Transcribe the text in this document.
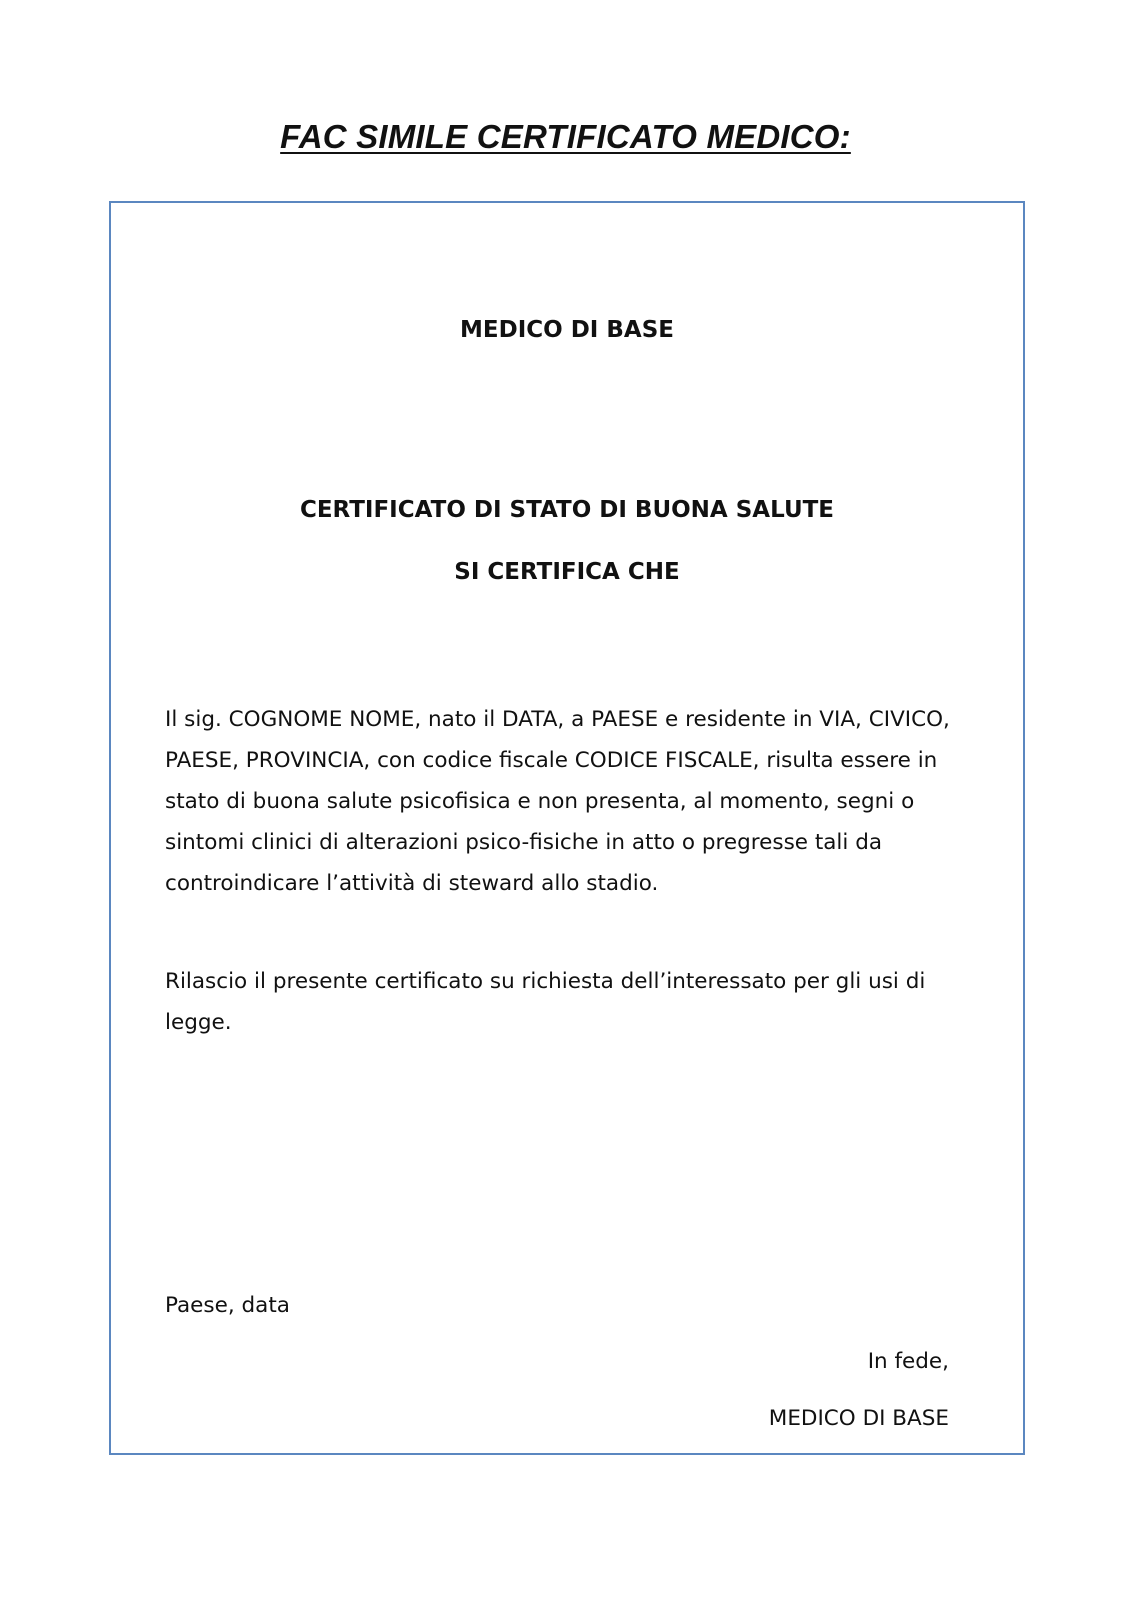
FAC SIMILE CERTIFICATO MEDICO:
MEDICO DI BASE
CERTIFICATO DI STATO DI BUONA SALUTE
SI CERTIFICA CHE

Il sig. COGNOME NOME, nato il DATA, a PAESE e residente in VIA, CIVICO, PAESE, PROVINCIA, con codice fiscale CODICE FISCALE, risulta essere in stato di buona salute psicofisica e non presenta, al momento, segni o sintomi clinici di alterazioni psico-fisiche in atto o pregresse tali da controindicare l’attività di steward allo stadio.

Rilascio il presente certificato su richiesta dell’interessato per gli usi di legge.

Paese, data
In fede,
MEDICO DI BASE
